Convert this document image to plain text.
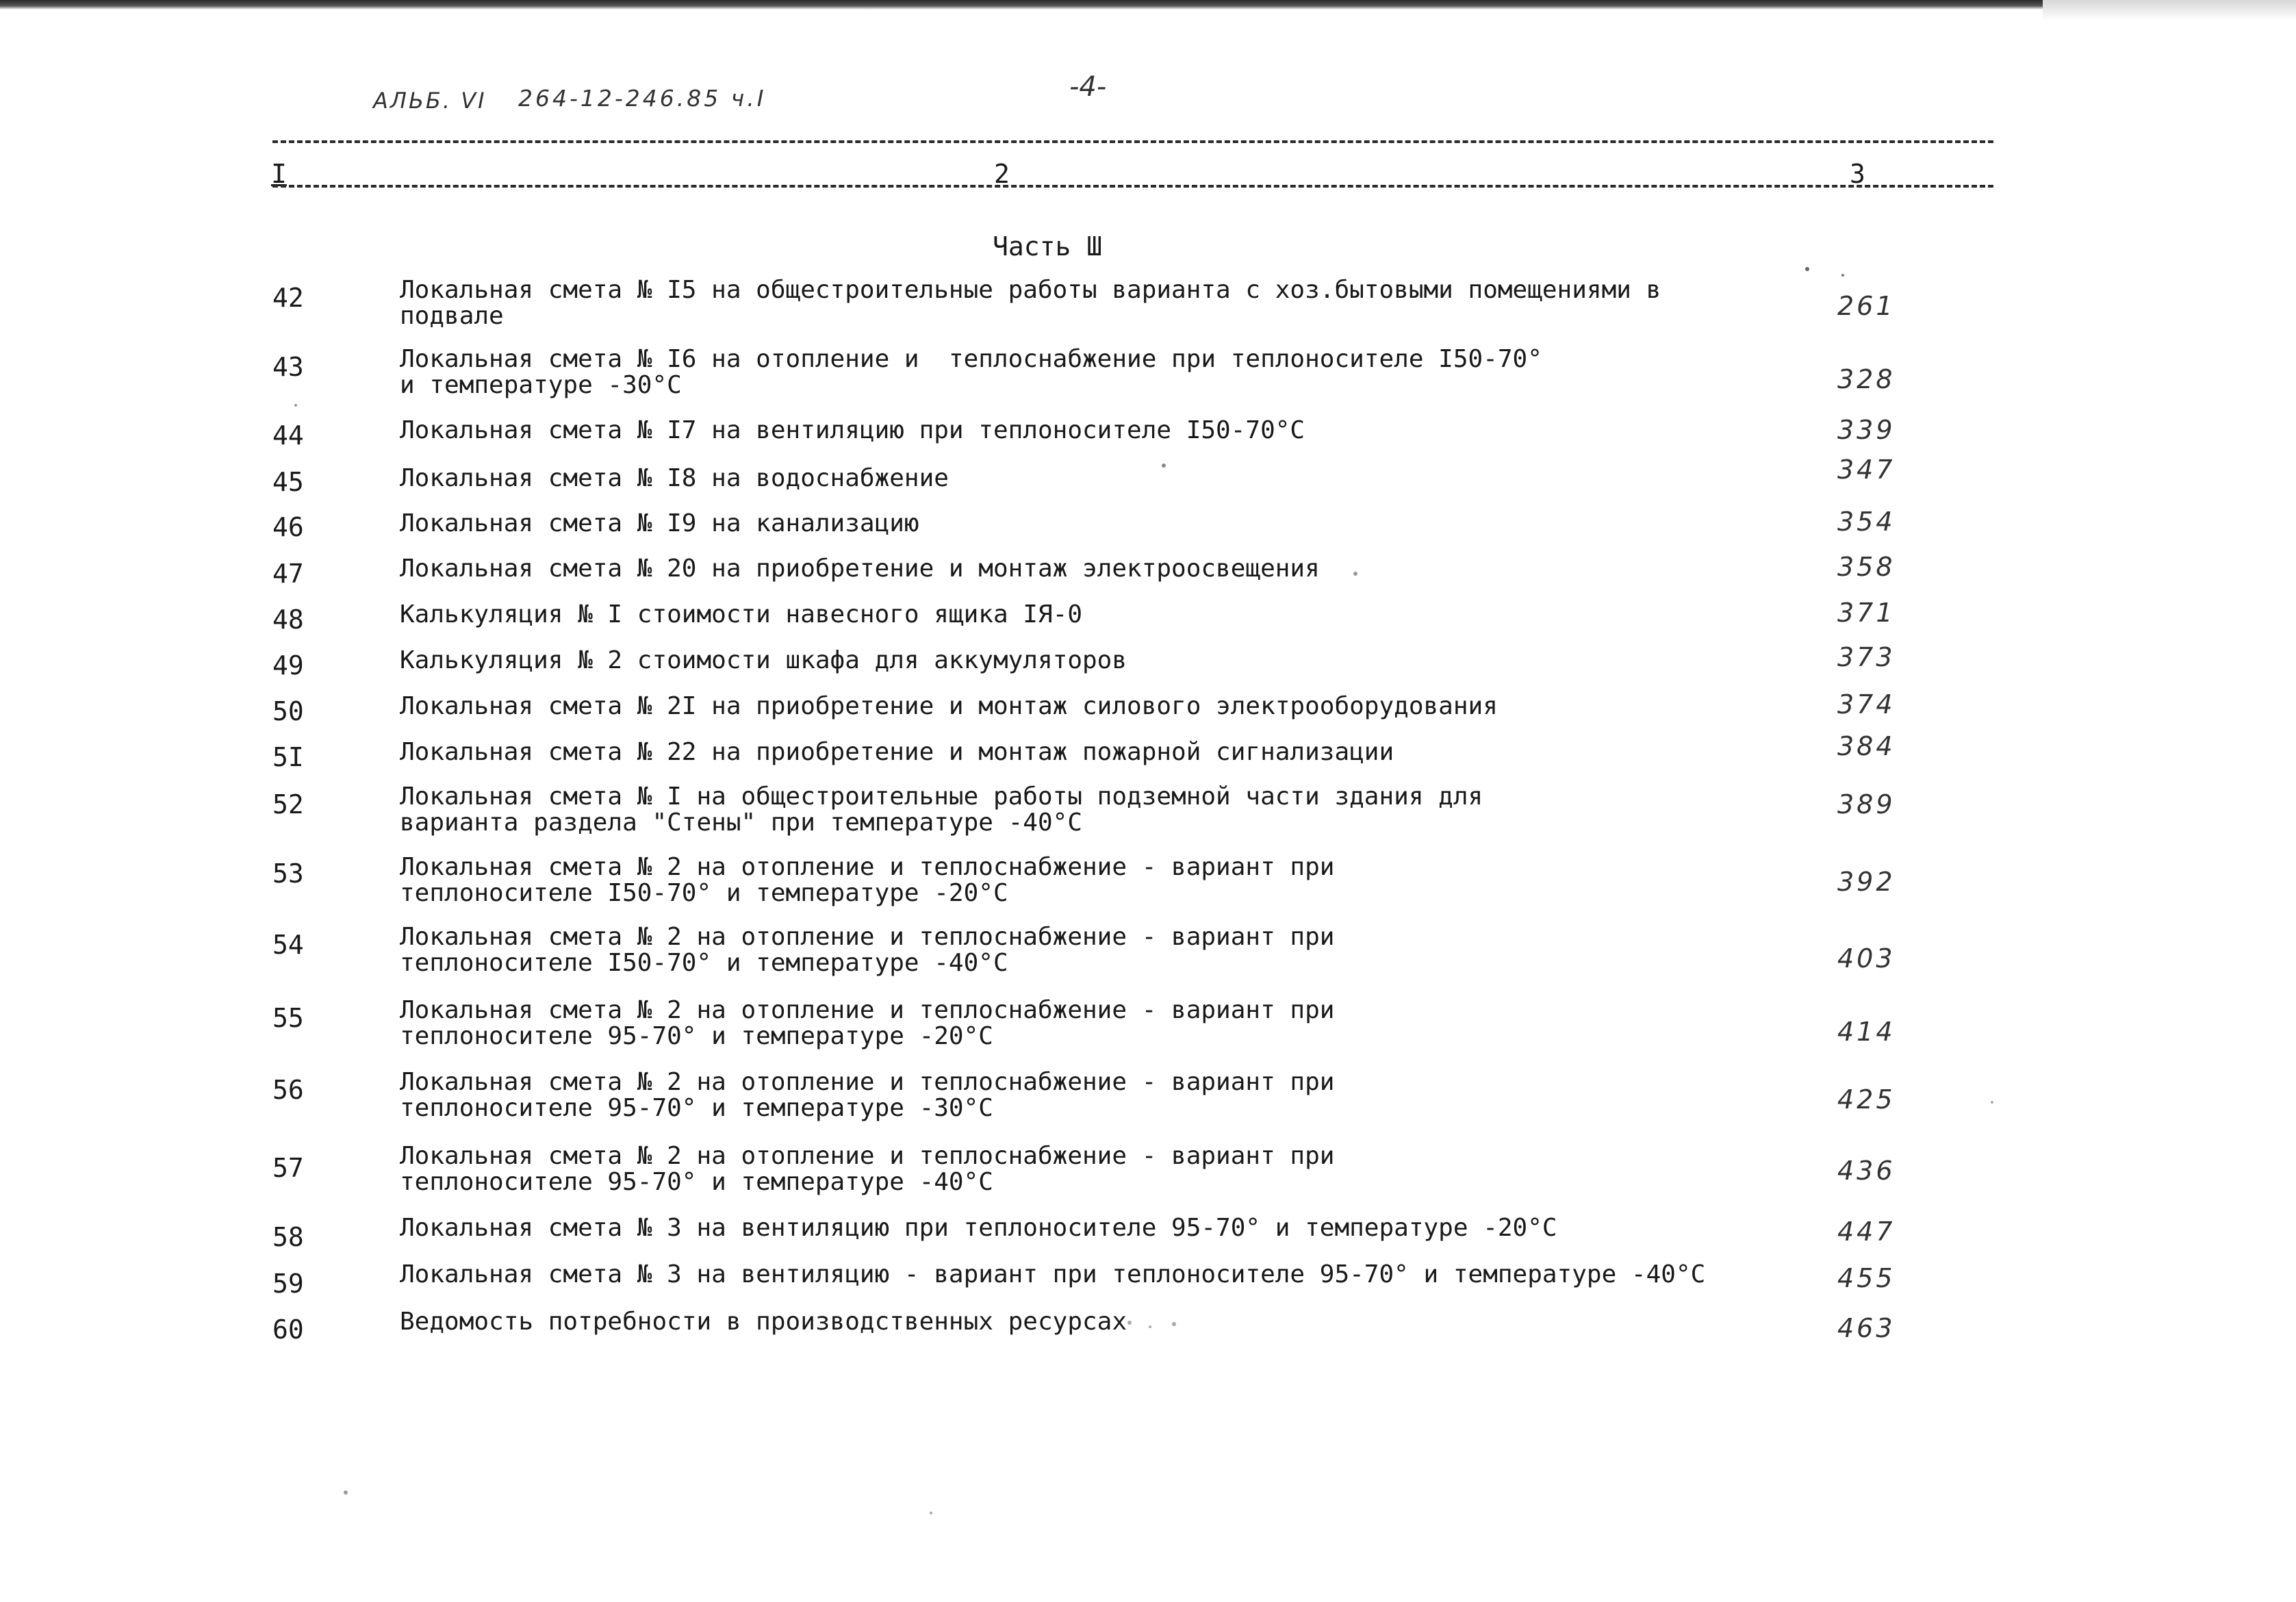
АЛЬБ. VI 264-12-246.85 ч.I	-4-
I	2	3
Часть Ш
42	Локальная смета № I5 на общестроительные работы варианта с хоз.бытовыми помещениями в подвале	261
43	Локальная смета № I6 на отопление и  теплоснабжение при теплоносителе I50-70°
и температуре -30°С	328
44	Локальная смета № I7 на вентиляцию при теплоносителе I50-70°С	339
45	Локальная смета № I8 на водоснабжение	347
46	Локальная смета № I9 на канализацию	354
47	Локальная смета № 20 на приобретение и монтаж электроосвещения	358
48	Калькуляция № I стоимости навесного ящика IЯ-0	371
49	Калькуляция № 2 стоимости шкафа для аккумуляторов	373
50	Локальная смета № 2I на приобретение и монтаж силового электрооборудования	374
5I	Локальная смета № 22 на приобретение и монтаж пожарной сигнализации	384
52	Локальная смета № I на общестроительные работы подземной части здания для
варианта раздела "Стены" при температуре -40°С
389
53	Локальная смета № 2 на отопление и теплоснабжение - вариант при
теплоносителе I50-70° и температуре -20°С	392
54	Локальная смета № 2 на отопление и теплоснабжение - вариант при
теплоносителе I50-70° и температуре -40°С	403
55	Локальная смета № 2 на отопление и теплоснабжение - вариант при
теплоносителе 95-70° и температуре -20°С	414
56	Локальная смета № 2 на отопление и теплоснабжение - вариант при
теплоносителе 95-70° и температуре -30°С	425
57	Локальная смета № 2 на отопление и теплоснабжение - вариант при
теплоносителе 95-70° и температуре -40°С	436
58	Локальная смета № 3 на вентиляцию при теплоносителе 95-70° и температуре -20°С	447
59	Локальная смета № 3 на вентиляцию - вариант при теплоносителе 95-70° и температуре -40°С	455
60	Ведомость потребности в производственных ресурсах	463
